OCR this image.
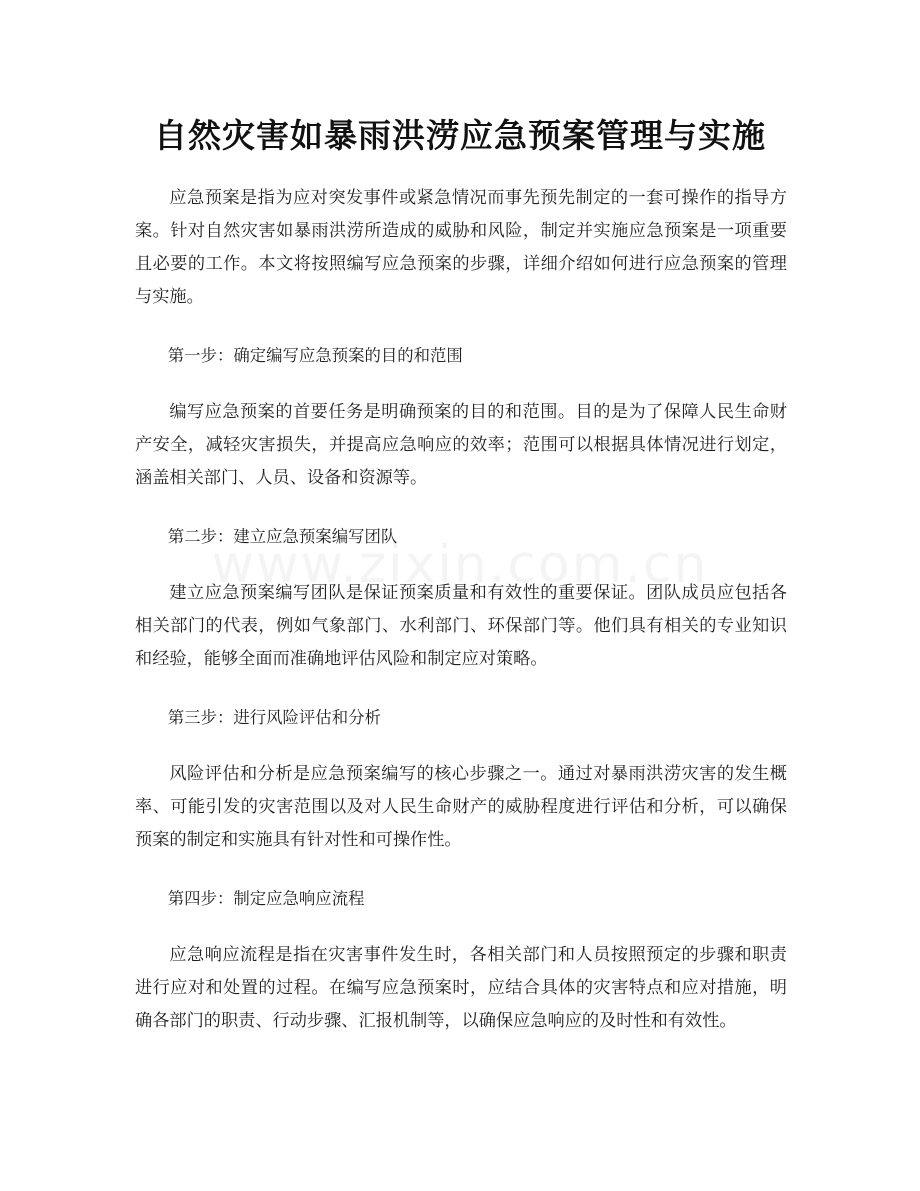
自然灾害如暴雨洪涝应急预案管理与实施

应急预案是指为应对突发事件或紧急情况而事先预先制定的一套可操作的指导方案。针对自然灾害如暴雨洪涝所造成的威胁和风险，制定并实施应急预案是一项重要且必要的工作。本文将按照编写应急预案的步骤，详细介绍如何进行应急预案的管理与实施。

第一步：确定编写应急预案的目的和范围

编写应急预案的首要任务是明确预案的目的和范围。目的是为了保障人民生命财产安全，减轻灾害损失，并提高应急响应的效率；范围可以根据具体情况进行划定，涵盖相关部门、人员、设备和资源等。

第二步：建立应急预案编写团队

建立应急预案编写团队是保证预案质量和有效性的重要保证。团队成员应包括各相关部门的代表，例如气象部门、水利部门、环保部门等。他们具有相关的专业知识和经验，能够全面而准确地评估风险和制定应对策略。

第三步：进行风险评估和分析

风险评估和分析是应急预案编写的核心步骤之一。通过对暴雨洪涝灾害的发生概率、可能引发的灾害范围以及对人民生命财产的威胁程度进行评估和分析，可以确保预案的制定和实施具有针对性和可操作性。

第四步：制定应急响应流程

应急响应流程是指在灾害事件发生时，各相关部门和人员按照预定的步骤和职责进行应对和处置的过程。在编写应急预案时，应结合具体的灾害特点和应对措施，明确各部门的职责、行动步骤、汇报机制等，以确保应急响应的及时性和有效性。
